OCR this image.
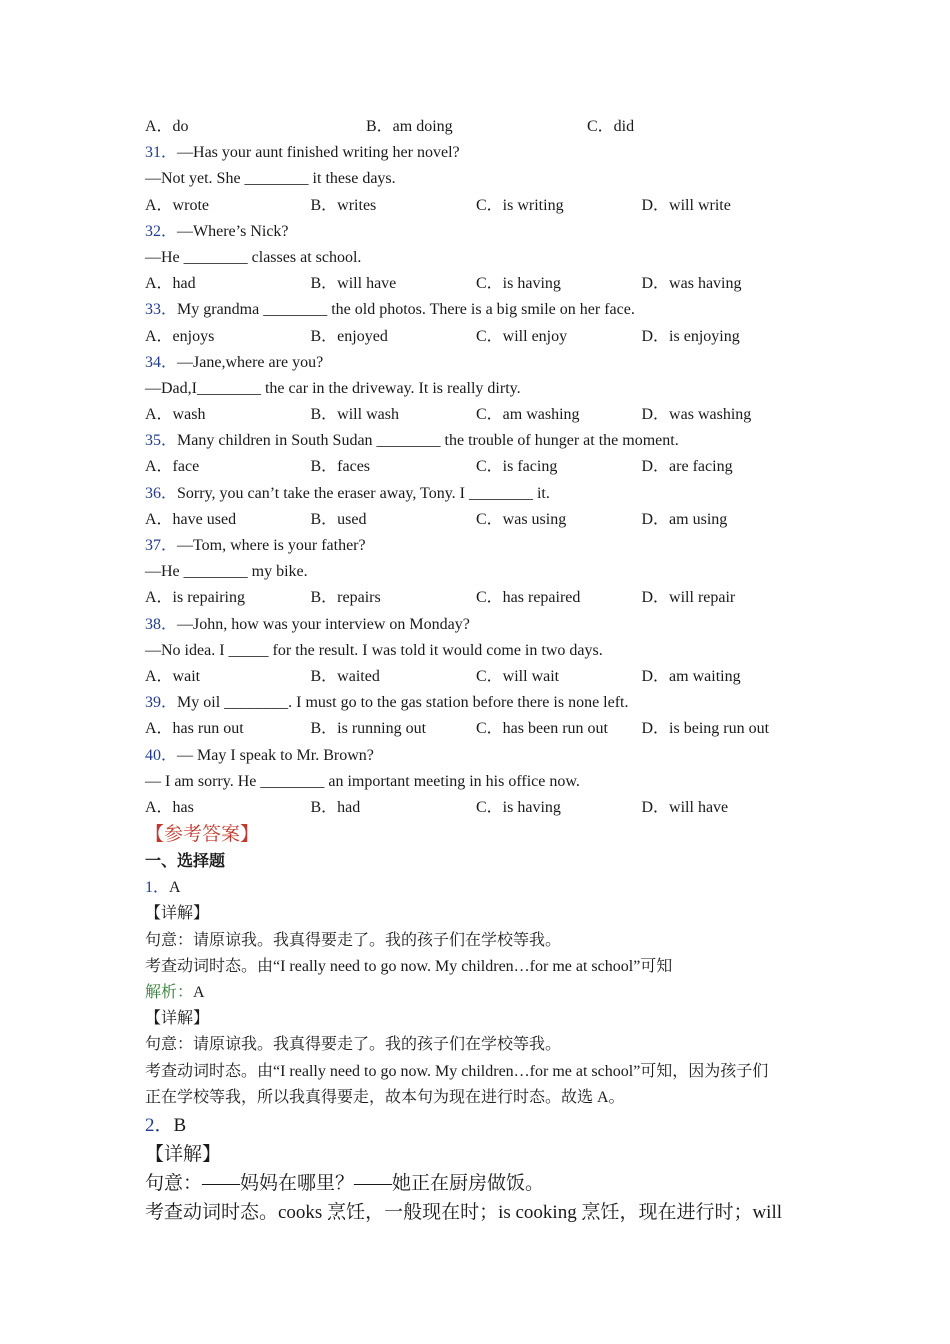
A．do	B．am doing	C．did
31．—Has your aunt finished writing her novel?
—Not yet. She ________ it these days.
A．wrote	B．writes	C．is writing	D．will write
32．—Where’s Nick?
—He ________ classes at school.
A．had	B．will have	C．is having	D．was having
33．My grandma ________ the old photos. There is a big smile on her face.
A．enjoys	B．enjoyed	C．will enjoy	D．is enjoying
34．—Jane,where are you?
—Dad,I________ the car in the driveway. It is really dirty.
A．wash	B．will wash	C．am washing	D．was washing
35．Many children in South Sudan ________ the trouble of hunger at the moment.
A．face	B．faces	C．is facing	D．are facing
36．Sorry, you can’t take the eraser away, Tony. I ________ it.
A．have used	B．used	C．was using	D．am using
37．—Tom, where is your father?
—He ________ my bike.
A．is repairing	B．repairs	C．has repaired	D．will repair
38．—John, how was your interview on Monday?
—No idea. I _____ for the result. I was told it would come in two days.
A．wait	B．waited	C．will wait	D．am waiting
39．My oil ________. I must go to the gas station before there is none left.
A．has run out	B．is running out	C．has been run out	D．is being run out
40．— May I speak to Mr. Brown?
— I am sorry. He ________ an important meeting in his office now.
A．has	B．had	C．is having	D．will have
【参考答案】
一、选择题
1．A
【详解】
句意：请原谅我。我真得要走了。我的孩子们在学校等我。
考查动词时态。由“I really need to go now. My children…for me at school”可知
解析：A
【详解】
句意：请原谅我。我真得要走了。我的孩子们在学校等我。
考查动词时态。由“I really need to go now. My children…for me at school”可知，因为孩子们
正在学校等我，所以我真得要走，故本句为现在进行时态。故选 A。
2．B
【详解】
句意：——妈妈在哪里？——她正在厨房做饭。
考查动词时态。cooks 烹饪，一般现在时；is cooking 烹饪，现在进行时；will
